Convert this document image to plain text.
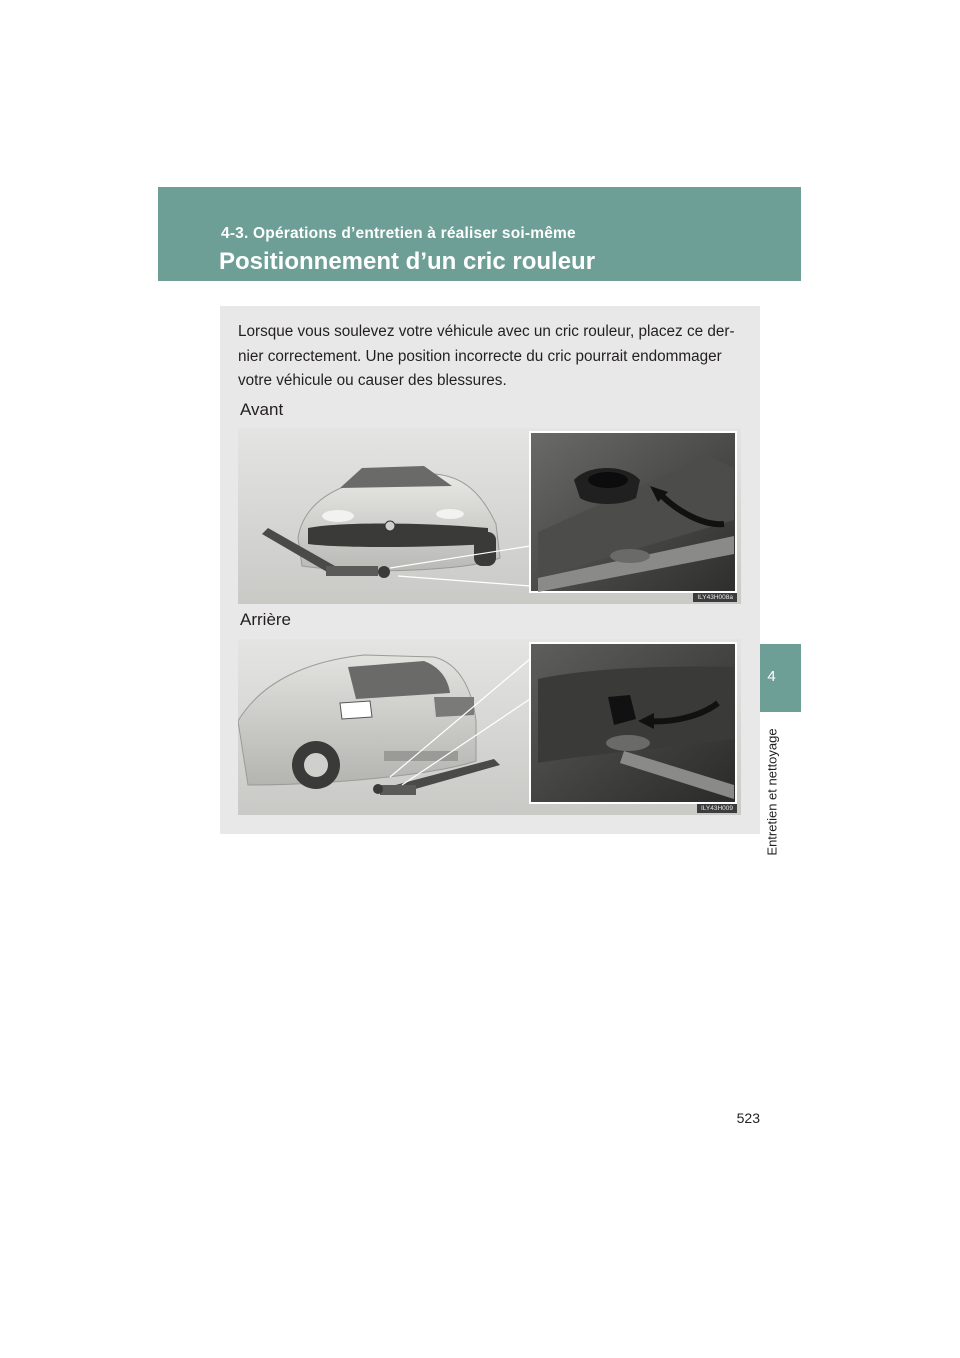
4-3. Opérations d’entretien à réaliser soi-même
Positionnement d’un cric rouleur
4
Entretien et nettoyage
Lorsque vous soulevez votre véhicule avec un cric rouleur, placez ce der-
nier correctement. Une position incorrecte du cric pourrait endommager
votre véhicule ou causer des blessures.
Avant
ILY43H008a
Arrière
ILY43H009
523
